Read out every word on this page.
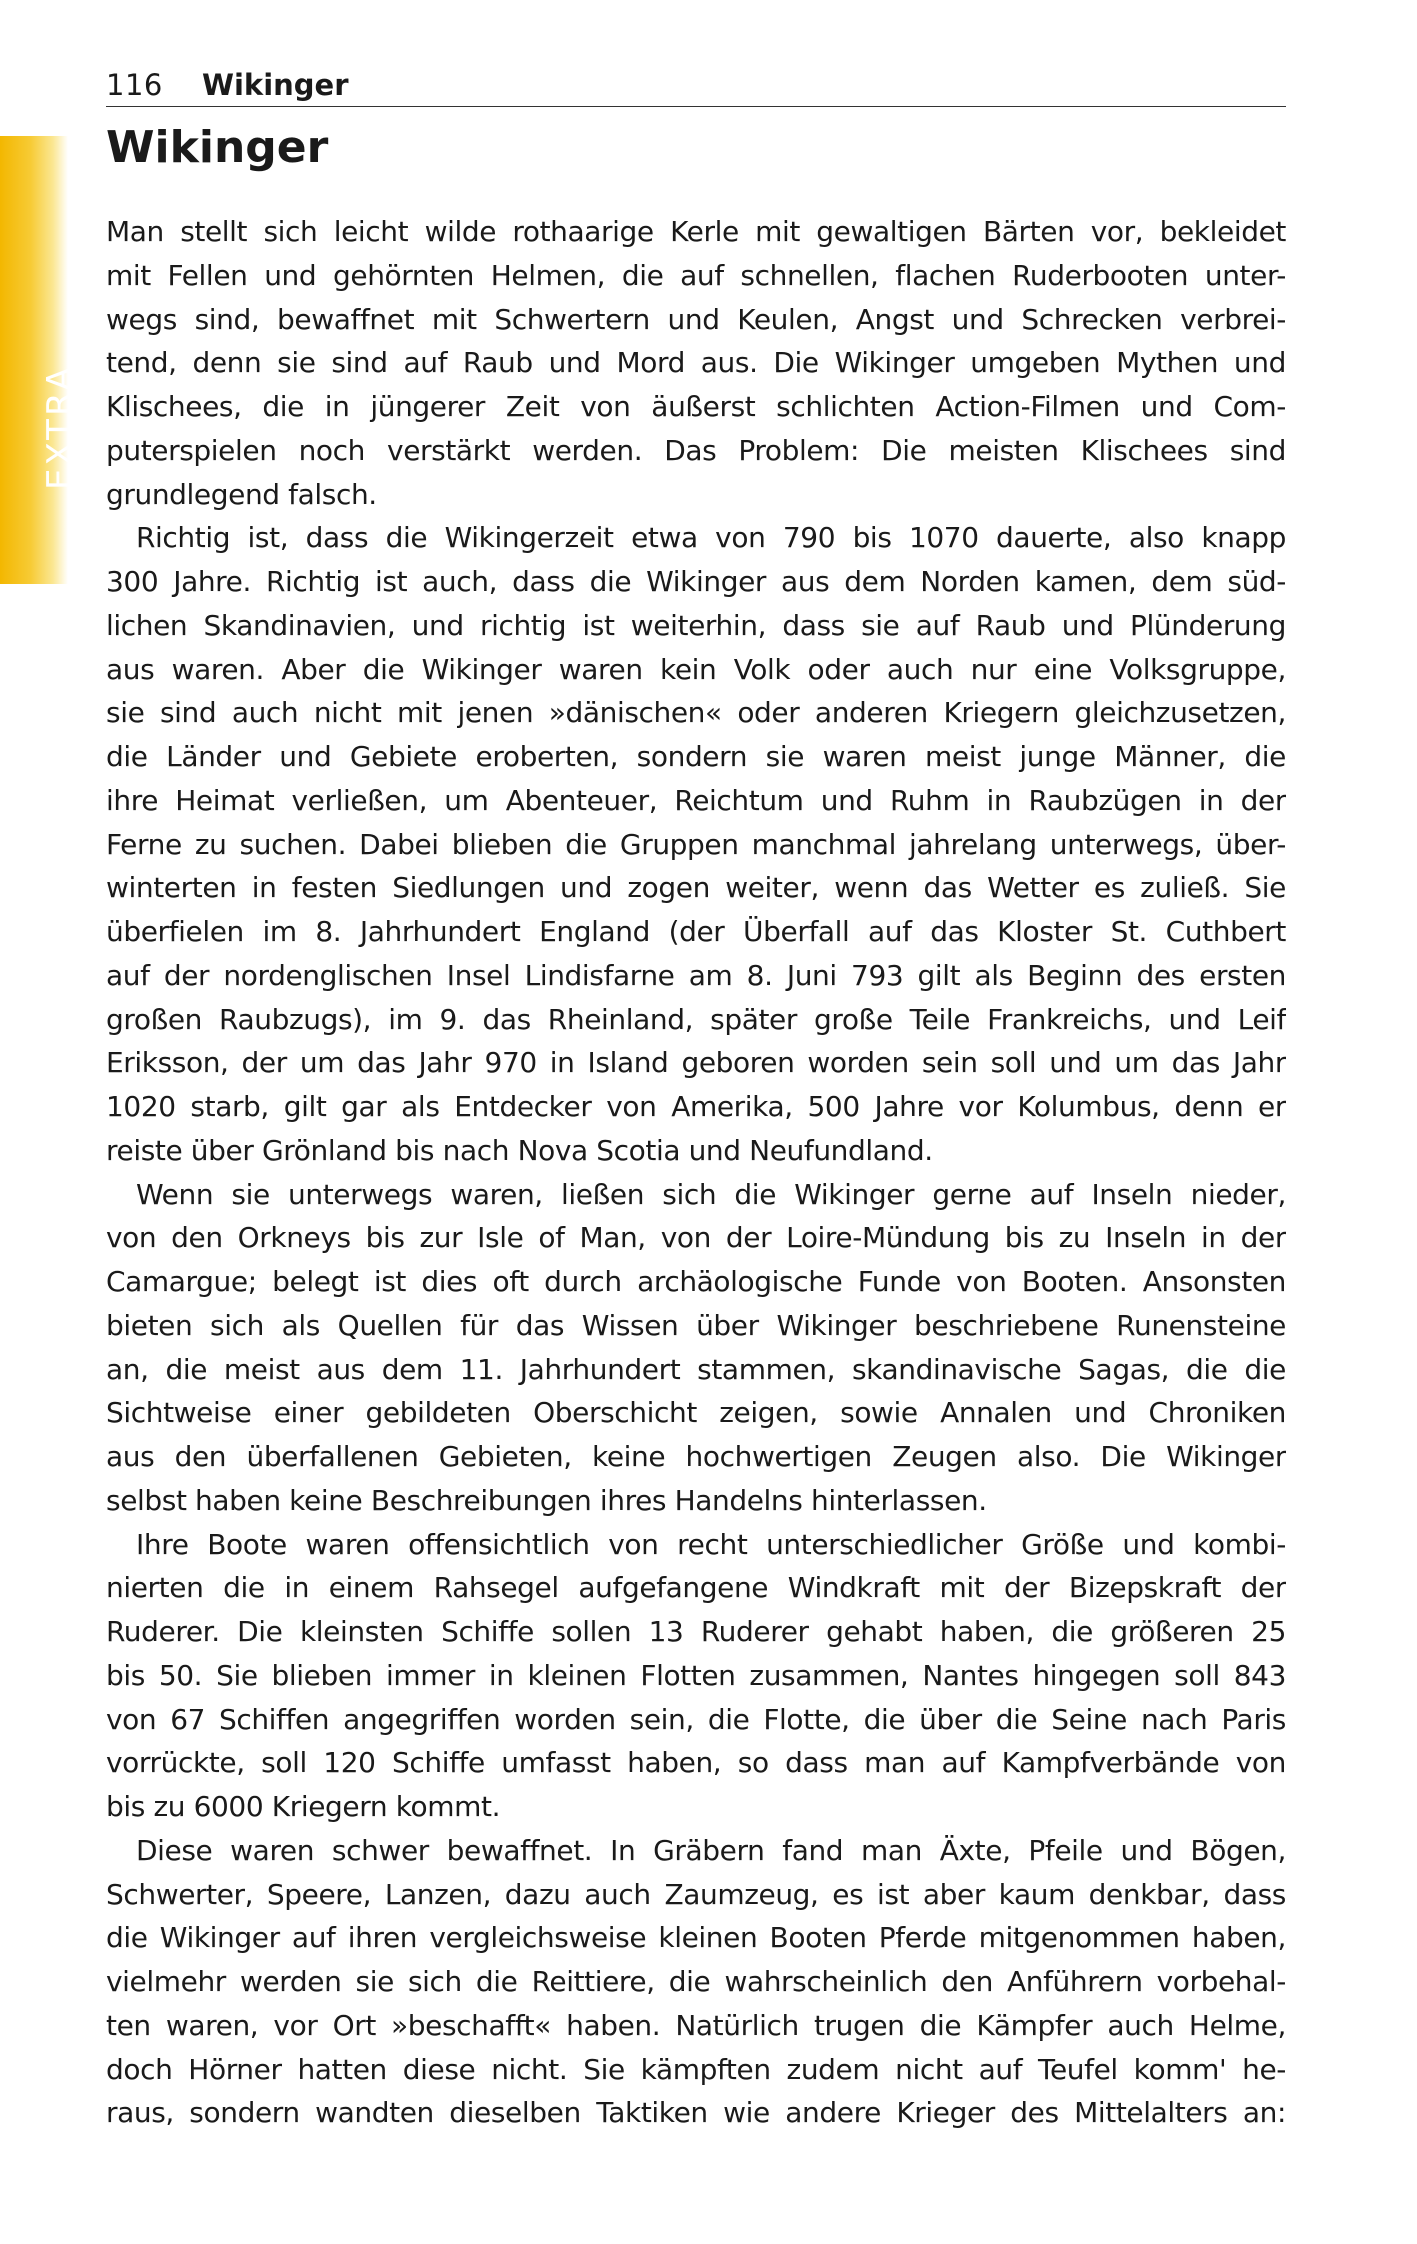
116 Wikinger
EXTRA
Wikinger
Man stellt sich leicht wilde rothaarige Kerle mit gewaltigen Bärten vor, bekleidet
mit Fellen und gehörnten Helmen, die auf schnellen, flachen Ruderbooten unter-
wegs sind, bewaffnet mit Schwertern und Keulen, Angst und Schrecken verbrei-
tend, denn sie sind auf Raub und Mord aus. Die Wikinger umgeben Mythen und
Klischees, die in jüngerer Zeit von äußerst schlichten Action-Filmen und Com-
puterspielen noch verstärkt werden. Das Problem: Die meisten Klischees sind
grundlegend falsch.
Richtig ist, dass die Wikingerzeit etwa von 790 bis 1070 dauerte, also knapp
300 Jahre. Richtig ist auch, dass die Wikinger aus dem Norden kamen, dem süd-
lichen Skandinavien, und richtig ist weiterhin, dass sie auf Raub und Plünderung
aus waren. Aber die Wikinger waren kein Volk oder auch nur eine Volksgruppe,
sie sind auch nicht mit jenen »dänischen« oder anderen Kriegern gleichzusetzen,
die Länder und Gebiete eroberten, sondern sie waren meist junge Männer, die
ihre Heimat verließen, um Abenteuer, Reichtum und Ruhm in Raubzügen in der
Ferne zu suchen. Dabei blieben die Gruppen manchmal jahrelang unterwegs, über-
winterten in festen Siedlungen und zogen weiter, wenn das Wetter es zuließ. Sie
überfielen im 8. Jahrhundert England (der Überfall auf das Kloster St. Cuthbert
auf der nordenglischen Insel Lindisfarne am 8. Juni 793 gilt als Beginn des ersten
großen Raubzugs), im 9. das Rheinland, später große Teile Frankreichs, und Leif
Eriksson, der um das Jahr 970 in Island geboren worden sein soll und um das Jahr
1020 starb, gilt gar als Entdecker von Amerika, 500 Jahre vor Kolumbus, denn er
reiste über Grönland bis nach Nova Scotia und Neufundland.
Wenn sie unterwegs waren, ließen sich die Wikinger gerne auf Inseln nieder,
von den Orkneys bis zur Isle of Man, von der Loire-Mündung bis zu Inseln in der
Camargue; belegt ist dies oft durch archäologische Funde von Booten. Ansonsten
bieten sich als Quellen für das Wissen über Wikinger beschriebene Runensteine
an, die meist aus dem 11. Jahrhundert stammen, skandinavische Sagas, die die
Sichtweise einer gebildeten Oberschicht zeigen, sowie Annalen und Chroniken
aus den überfallenen Gebieten, keine hochwertigen Zeugen also. Die Wikinger
selbst haben keine Beschreibungen ihres Handelns hinterlassen.
Ihre Boote waren offensichtlich von recht unterschiedlicher Größe und kombi-
nierten die in einem Rahsegel aufgefangene Windkraft mit der Bizepskraft der
Ruderer. Die kleinsten Schiffe sollen 13 Ruderer gehabt haben, die größeren 25
bis 50. Sie blieben immer in kleinen Flotten zusammen, Nantes hingegen soll 843
von 67 Schiffen angegriffen worden sein, die Flotte, die über die Seine nach Paris
vorrückte, soll 120 Schiffe umfasst haben, so dass man auf Kampfverbände von
bis zu 6000 Kriegern kommt.
Diese waren schwer bewaffnet. In Gräbern fand man Äxte, Pfeile und Bögen,
Schwerter, Speere, Lanzen, dazu auch Zaumzeug, es ist aber kaum denkbar, dass
die Wikinger auf ihren vergleichsweise kleinen Booten Pferde mitgenommen haben,
vielmehr werden sie sich die Reittiere, die wahrscheinlich den Anführern vorbehal-
ten waren, vor Ort »beschafft« haben. Natürlich trugen die Kämpfer auch Helme,
doch Hörner hatten diese nicht. Sie kämpften zudem nicht auf Teufel komm' he-
raus, sondern wandten dieselben Taktiken wie andere Krieger des Mittelalters an:
